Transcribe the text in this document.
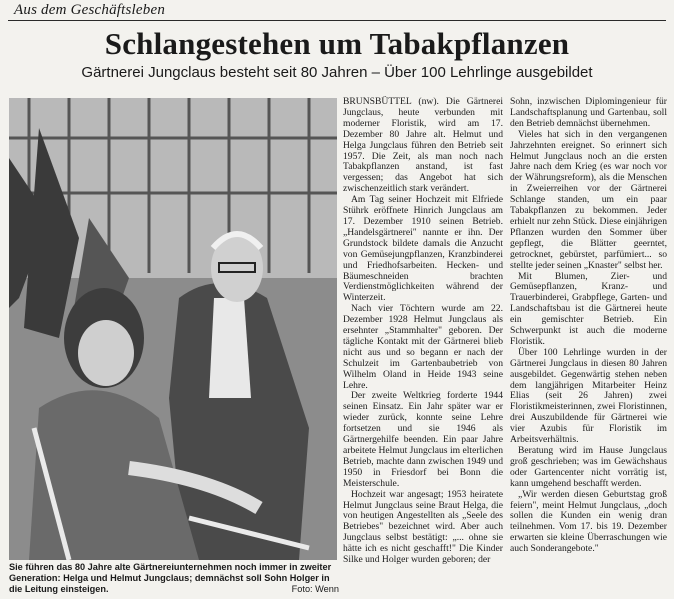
Aus dem Geschäftsleben
Schlangestehen um Tabakpflanzen
Gärtnerei Jungclaus besteht seit 80 Jahren – Über 100 Lehrlinge ausgebildet
Sie führen das 80 Jahre alte Gärtnereiunternehmen noch immer in zweiter Generation: Helga und Helmut Jungclaus; demnächst soll Sohn Holger in die Leitung einsteigen.	Foto: Wenn

BRUNSBÜTTEL (nw). Die Gärtnerei Jungclaus, heute verbunden mit moderner Floristik, wird am 17. Dezember 80 Jahre alt. Helmut und Helga Jungclaus führen den Betrieb seit 1957. Die Zeit, als man noch nach Tabakpflanzen anstand, ist fast vergessen; das Angebot hat sich zwischenzeitlich stark verändert.

Am Tag seiner Hochzeit mit Elfriede Stührk eröffnete Hinrich Jungclaus am 17. Dezember 1910 seinen Betrieb. „Handelsgärtnerei" nannte er ihn. Der Grundstock bildete damals die Anzucht von Gemüsejungpflanzen, Kranzbinderei und Friedhofsarbeiten. Hecken- und Bäumeschneiden brachten Verdienstmöglichkeiten während der Winterzeit.

Nach vier Töchtern wurde am 22. Dezember 1928 Helmut Jungclaus als ersehnter „Stammhalter" geboren. Der tägliche Kontakt mit der Gärtnerei blieb nicht aus und so begann er nach der Schulzeit im Gartenbaubetrieb von Wilhelm Oland in Heide 1943 seine Lehre.

Der zweite Weltkrieg forderte 1944 seinen Einsatz. Ein Jahr später war er wieder zurück, konnte seine Lehre fortsetzen und sie 1946 als Gärtnergehilfe beenden. Ein paar Jahre arbeitete Helmut Jungclaus im elterlichen Betrieb, machte dann zwischen 1949 und 1950 in Friesdorf bei Bonn die Meisterschule.

Hochzeit war angesagt; 1953 heiratete Helmut Jungclaus seine Braut Helga, die von heutigen Angestellten als „Seele des Betriebes" bezeichnet wird. Aber auch Jungclaus selbst bestätigt: „... ohne sie hätte ich es nicht geschafft!" Die Kinder Silke und Holger wurden geboren; der

Sohn, inzwischen Diplomingenieur für Landschaftsplanung und Gartenbau, soll den Betrieb demnächst übernehmen.

Vieles hat sich in den vergangenen Jahrzehnten ereignet. So erinnert sich Helmut Jungclaus noch an die ersten Jahre nach dem Krieg (es war noch vor der Währungsreform), als die Menschen in Zweierreihen vor der Gärtnerei Schlange standen, um ein paar Tabakpflanzen zu bekommen. Jeder erhielt nur zehn Stück. Diese einjährigen Pflanzen wurden den Sommer über gepflegt, die Blätter geerntet, getrocknet, gebürstet, parfümiert... so stellte jeder seinen „Knaster" selbst her.

Mit Blumen, Zier- und Gemüsepflanzen, Kranz- und Trauerbinderei, Grabpflege, Garten- und Landschaftsbau ist die Gärtnerei heute ein gemischter Betrieb. Ein Schwerpunkt ist auch die moderne Floristik.

Über 100 Lehrlinge wurden in der Gärtnerei Jungclaus in diesen 80 Jahren ausgebildet. Gegenwärtig stehen neben dem langjährigen Mitarbeiter Heinz Elias (seit 26 Jahren) zwei Floristikmeisterinnen, zwei Floristinnen, drei Auszubildende für Gärtnerei wie vier Azubis für Floristik im Arbeitsverhältnis.

Beratung wird im Hause Jungclaus groß geschrieben; was im Gewächshaus oder Gartencenter nicht vorrätig ist, kann umgehend beschafft werden.

„Wir werden diesen Geburtstag groß feiern", meint Helmut Jungclaus, „doch sollen die Kunden ein wenig dran teilnehmen. Vom 17. bis 19. Dezember erwarten sie kleine Überraschungen wie auch Sonderangebote."
